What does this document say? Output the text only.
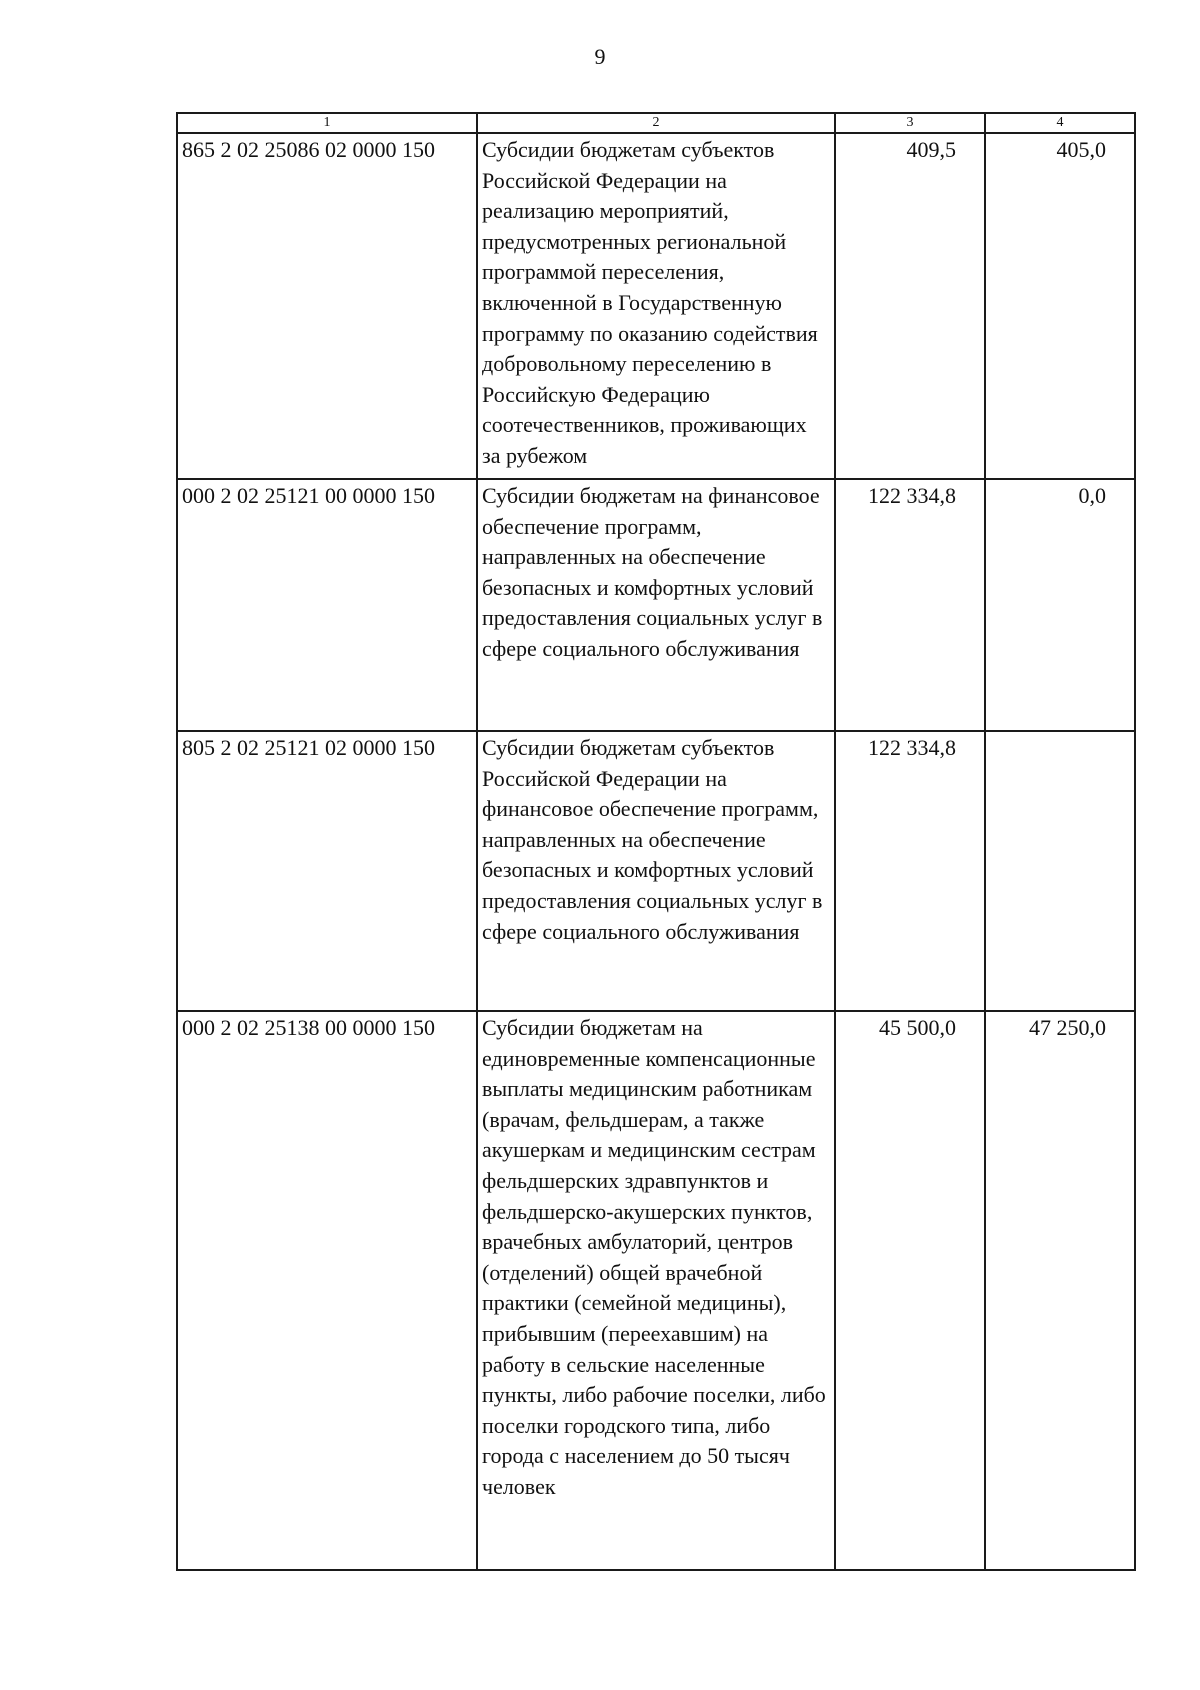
9
1	2	3	4
865 2 02 25086 02 0000 150	Субсидии бюджетам субъектов Российской Федерации на реализацию мероприятий, предусмотренных региональной программой переселения, включенной в Государственную программу по оказанию содействия добровольному переселению в Российскую Федерацию соотечественников, проживающих за рубежом	409,5	405,0
000 2 02 25121 00 0000 150	Субсидии бюджетам на финансовое обеспечение программ, направленных на обеспечение безопасных и комфортных условий предоставления социальных услуг в сфере социального обслуживания	122 334,8	0,0
805 2 02 25121 02 0000 150	Субсидии бюджетам субъектов Российской Федерации на финансовое обеспечение программ, направленных на обеспечение безопасных и комфортных условий предоставления социальных услуг в сфере социального обслуживания	122 334,8	
000 2 02 25138 00 0000 150	Субсидии бюджетам на единовременные компенсационные выплаты медицинским работникам (врачам, фельдшерам, а также акушеркам и медицинским сестрам фельдшерских здравпунктов и фельдшерско-акушерских пунктов, врачебных амбулаторий, центров (отделений) общей врачебной практики (семейной медицины), прибывшим (переехавшим) на работу в сельские населенные пункты, либо рабочие поселки, либо поселки городского типа, либо города с населением до 50 тысяч человек	45 500,0	47 250,0
